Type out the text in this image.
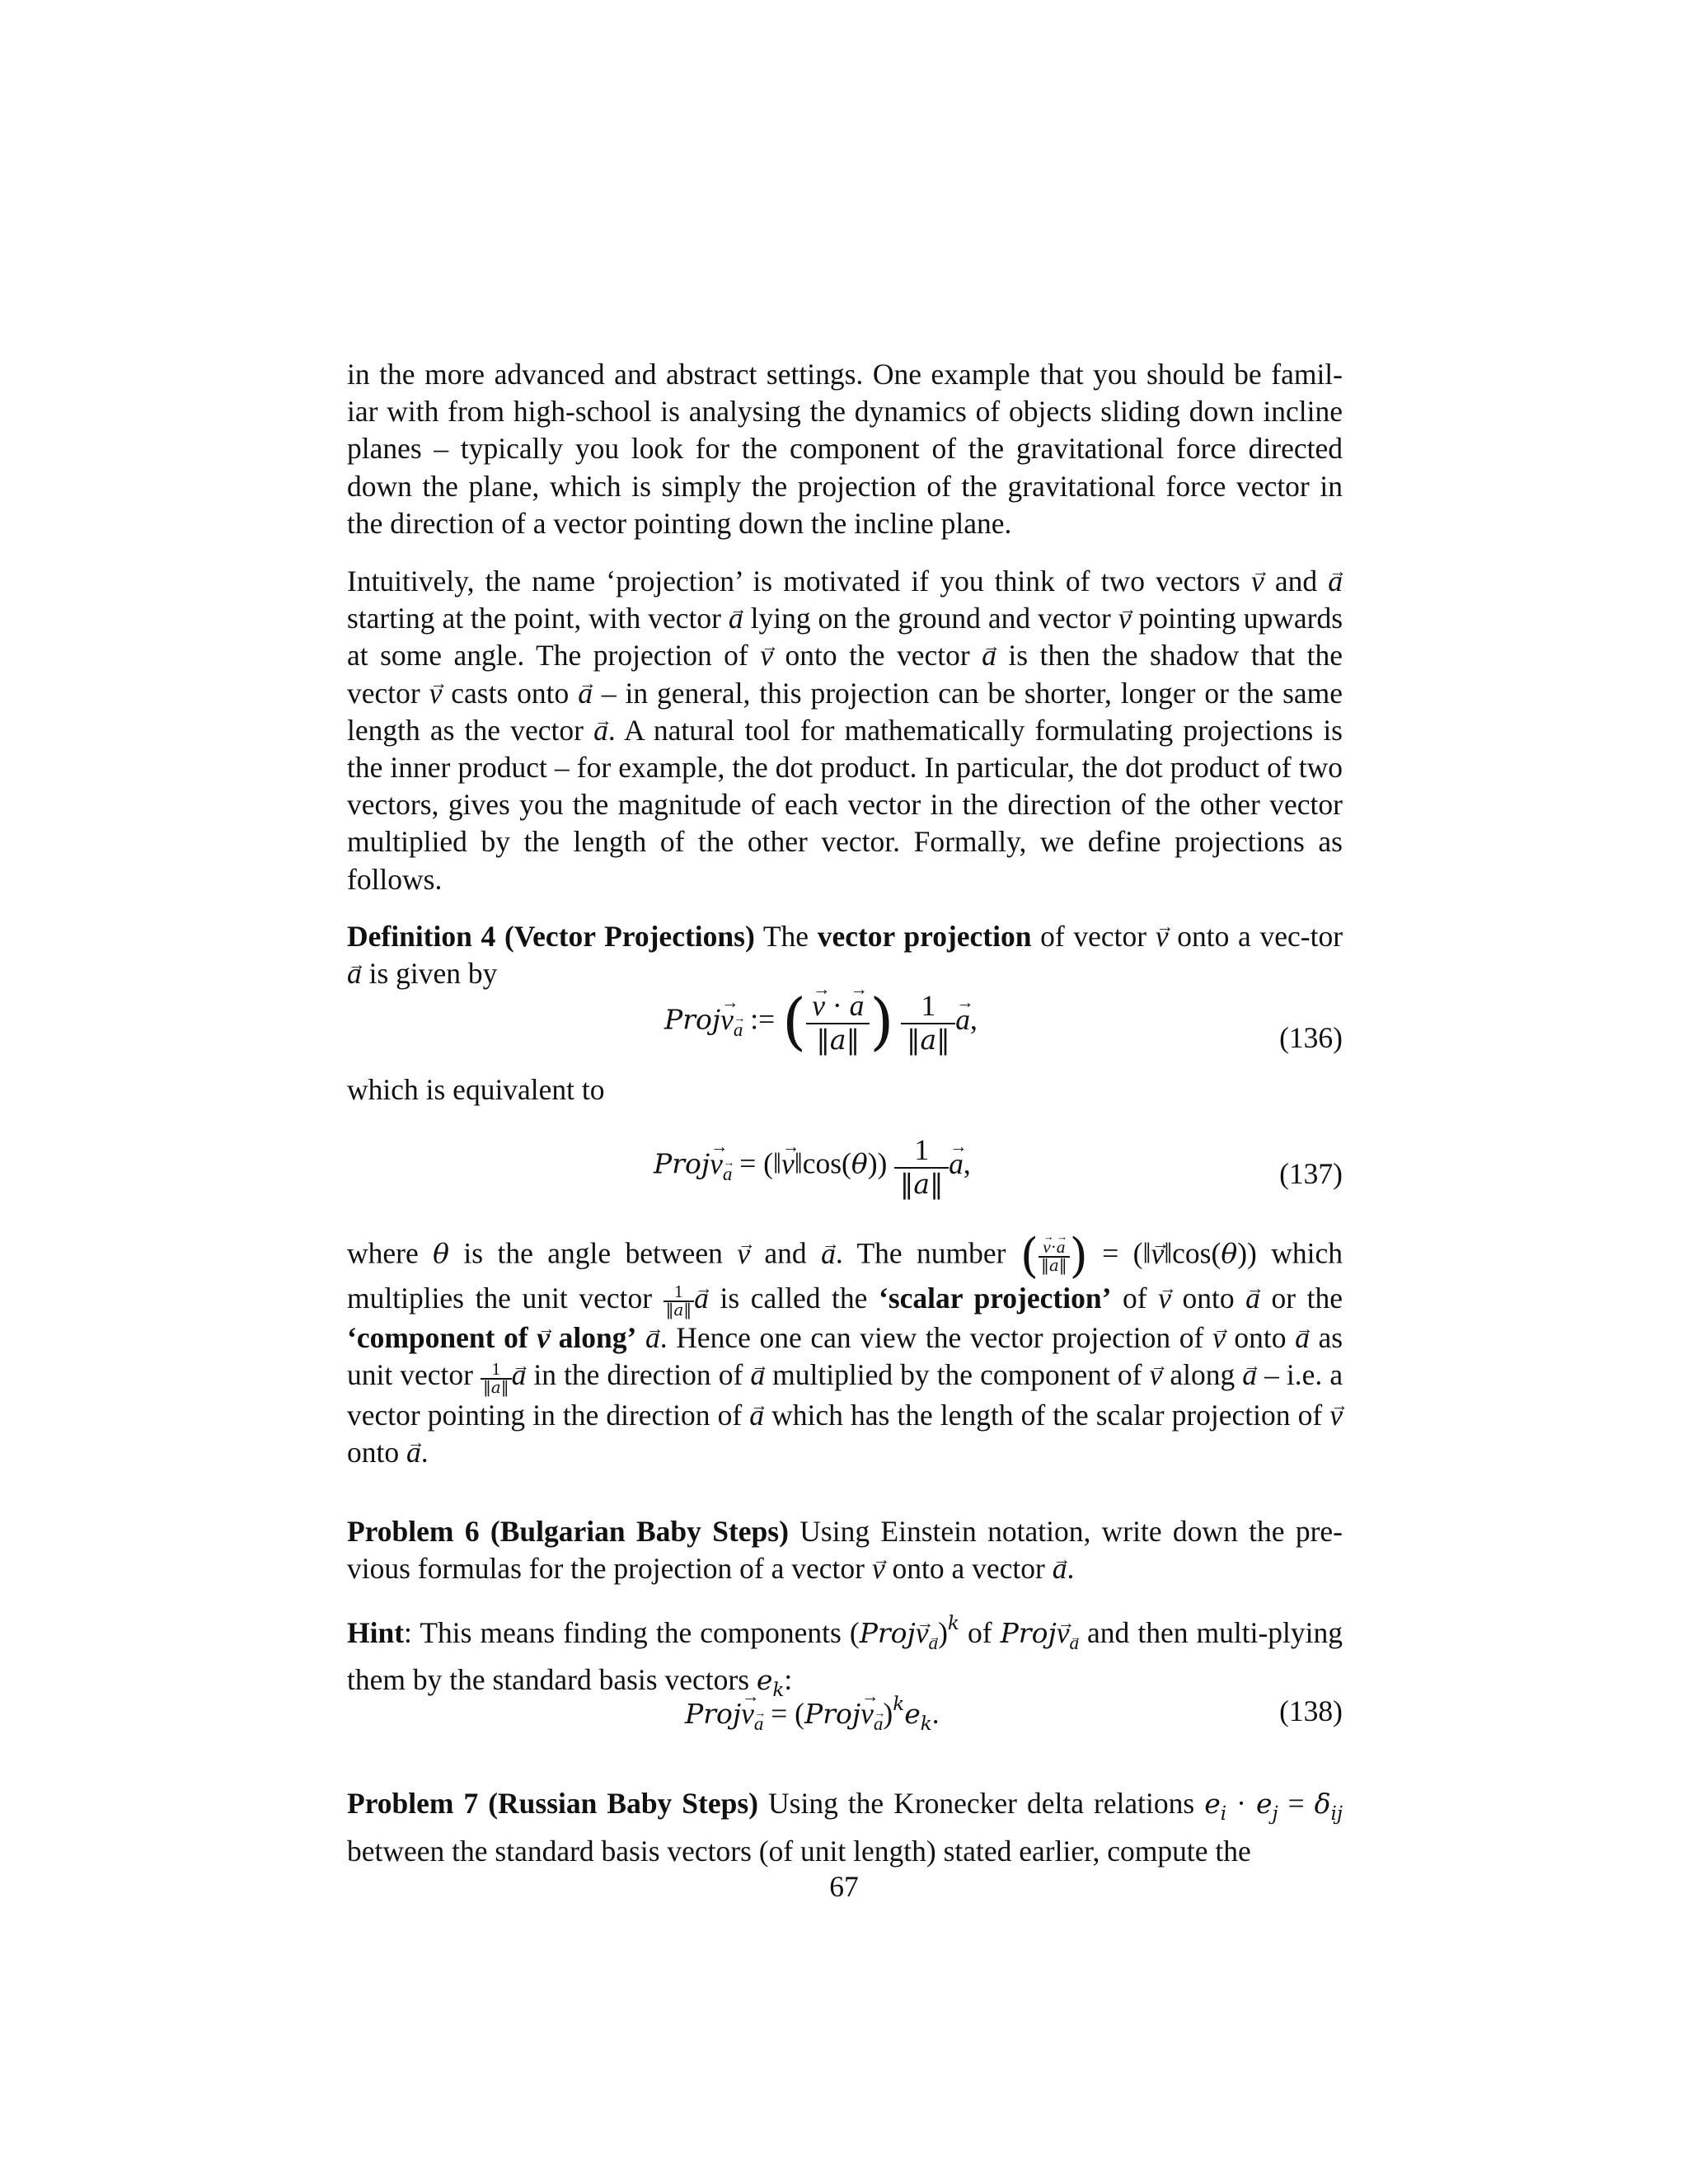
in the more advanced and abstract settings. One example that you should be famil-iar with from high-school is analysing the dynamics of objects sliding down incline planes – typically you look for the component of the gravitational force directed down the plane, which is simply the projection of the gravitational force vector in the direction of a vector pointing down the incline plane.
Intuitively, the name ‘projection’ is motivated if you think of two vectors v → and a → starting at the point, with vector a → lying on the ground and vector v → pointing upwards at some angle. The projection of v → onto the vector a → is then the shadow that the vector v → casts onto a → – in general, this projection can be shorter, longer or the same length as the vector a →. A natural tool for mathematically formulating projections is the inner product – for example, the dot product. In particular, the dot product of two vectors, gives you the magnitude of each vector in the direction of the other vector multiplied by the length of the other vector. Formally, we define projections as follows.
Definition 4 (Vector Projections) The vector projection of vector v → onto a vec-tor a → is given by
Projv $\to_a$ → := ( $\frac{v \to \cdot a \to}{‖a‖}$ ) $\frac{1}{‖a‖}$ a →,
(136)
which is equivalent to
Projv $\to_a$ → = (‖v →‖cos(θ)) $\frac{1}{‖a‖}$ a →,	(137)
where θ is the angle between v → and a →. The number ( $\frac{v \to\cdot a \to}{‖a‖}$ ) = (‖v →‖cos(θ)) which multiplies the unit vector $\frac{1}{‖a‖}$ a → is called the ‘scalar projection’ of v → onto a → or the ‘component of v → along’ a →. Hence one can view the vector projection of v → onto a → as unit vector $\frac{1}{‖a‖}$ a → in the direction of a → multiplied by the component of v → along a → – i.e. a vector pointing in the direction of a → which has the length of the scalar projection of v → onto a →.
Problem 6 (Bulgarian Baby Steps) Using Einstein notation, write down the pre-vious formulas for the projection of a vector v → onto a vector a →.
Hint: This means finding the components (Projv $\to_a \to)^k$ of Projv $\to_a$ → and then multi-plying them by the standard basis vectors $e_k$:
Projv $\to_a$ → = (Projv $\to_a \to)^ke_k$.	(138)
Problem 7 (Russian Baby Steps) Using the Kronecker delta relations $e_i \cdot e_j = \delta_{ij}$ between the standard basis vectors (of unit length) stated earlier, compute the
67
